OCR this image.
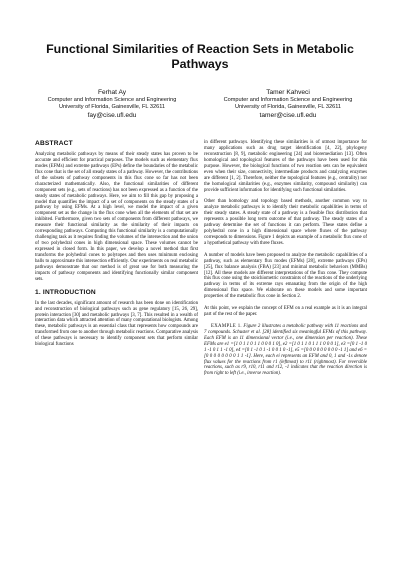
Functional Similarities of Reaction Sets in Metabolic Pathways
Ferhat Ay
Computer and Information Science and Engineering
University of Florida, Gainesville, FL 32611
fay@cise.ufl.edu
Tamer Kahveci
Computer and Information Science and Engineering
University of Florida, Gainesville, FL 32611
tamer@cise.ufl.edu
ABSTRACT

Analyzing metabolic pathways by means of their steady states has proven to be accurate and efficient for practical purposes. The models such as elementary flux modes (EFMs) and extreme pathways (EPs) define the boundaries of the metabolic flux cone that is the set of all steady states of a pathway. However, the contributions of the subsets of pathway components in this flux cone so far has not been characterized mathematically. Also, the functional similarities of different component sets (e.g., sets of reactions) has not been expressed as a function of the steady states of metabolic pathways. Here, we aim to fill this gap by proposing a model that quantifies the impact of a set of components on the steady states of a pathway by using EFMs. At a high level, we model the impact of a given component set as the change in the flux cone when all the elements of that set are inhibited. Furthermore, given two sets of components from different pathways, we measure their functional similarity as the similarity of their impacts on corresponding pathways. Computing this functional similarity is a computationally challenging task as it requires finding the volumes of the intersection and the union of two polyhedral cones in high dimensional space. These volumes cannot be expressed in closed form. In this paper, we develop a novel method that first transforms the polyhedral cones to polytopes and then uses minimum enclosing balls to approximate this intersection efficiently. Our experiments on real metabolic pathways demonstrate that our method is of great use for both measuring the impacts of pathway components and identifying functionally similar component sets.

1. INTRODUCTION

In the last decades, significant amount of research has been done on identification and reconstruction of biological pathways such as gene regulatory [15, 26, 29], protein interaction [30] and metabolic pathways [3, 7]. This resulted in a wealth of interaction data which attracted attention of many computational biologists. Among these, metabolic pathways is an essential class that represents how compounds are transformed from one to another through metabolic reactions. Comparative analysis of these pathways is necessary to identify component sets that perform similar biological functions

in different pathways. Identifying these similarities is of utmost importance for many applications such as drug target identification [4, 22], phylogeny reconstruction [8, 9], metabolic engineering [24] and bioremediation [13]. Often homological and topological features of the pathways have been used for this purpose. However, the biological functions of two reaction sets can be equivalent even when their size, connectivity, intermediate products and catalyzing enzymes are different [1, 2]. Therefore, neither the topological features (e.g., centrality) nor the homological similarities (e.g., enzymes similarity, compound similarity) can provide sufficient information for identifying such functional similarities.

Other than homology and topology based methods, another common way to analyze metabolic pathways is to identify their metabolic capabilities in terms of their steady states. A steady state of a pathway is a feasible flux distribution that represents a possible long term outcome of that pathway. The steady states of a pathway determine the set of functions it can perform. These states define a polyhedral cone in a high dimensional space where fluxes of the pathway corresponds to dimensions. Figure 1 depicts an example of a metabolic flux cone of a hypothetical pathway with three fluxes.

A number of models have been proposed to analyze the metabolic capabilities of a pathway, such as elementary flux modes (EFMs) [28], extreme pathways (EPs) [25], flux balance analysis (FBA) [23] and minimal metabolic behaviors (MMBs) [12]. All these models are different interpretations of the flux cone. They compute this flux cone using the stoichiometric constraints of the reactions of the underlying pathway in terms of its extreme rays emanating from the origin of the high dimensional flux space. We elaborate on these models and some important properties of the metabolic flux cone in Section 2.

At this point, we explain the concept of EFM on a real example as it is an integral part of the rest of the paper.

EXAMPLE 1. Figure 2 illustrates a metabolic pathway with 11 reactions and 7 compounds. Schuster et al. [28] identified six meaningful EFMs of this pathway. Each EFM is an 11 dimensional vector (i.e., one dimension per reaction). These EFMs are e1 =[1 0 1 1 0 1 1 0 0 0 1 0], e2 =[1 0 1 1 0 1 1 1 0 0 0 1], e3 =[0 1 -1 0 1 -1 0 1 1 -1 0], e4 =[0 1 -1 0 1 -1 0 0 1 0 -1], e5 =[0 0 0 0 0 0 0 0 0 -1 1] and e6 =[0 0 0 0 0 0 0 0 1 1 -1]. Here, each ei represents an EFM and 0, 1 and -1s denote flux values for the reactions from r1 (leftmost) to r11 (rightmost). For reversible reactions, such as r9, r10, r11 and r12, -1 indicates that the reaction direction is from right to left (i.e., inverse reaction).
